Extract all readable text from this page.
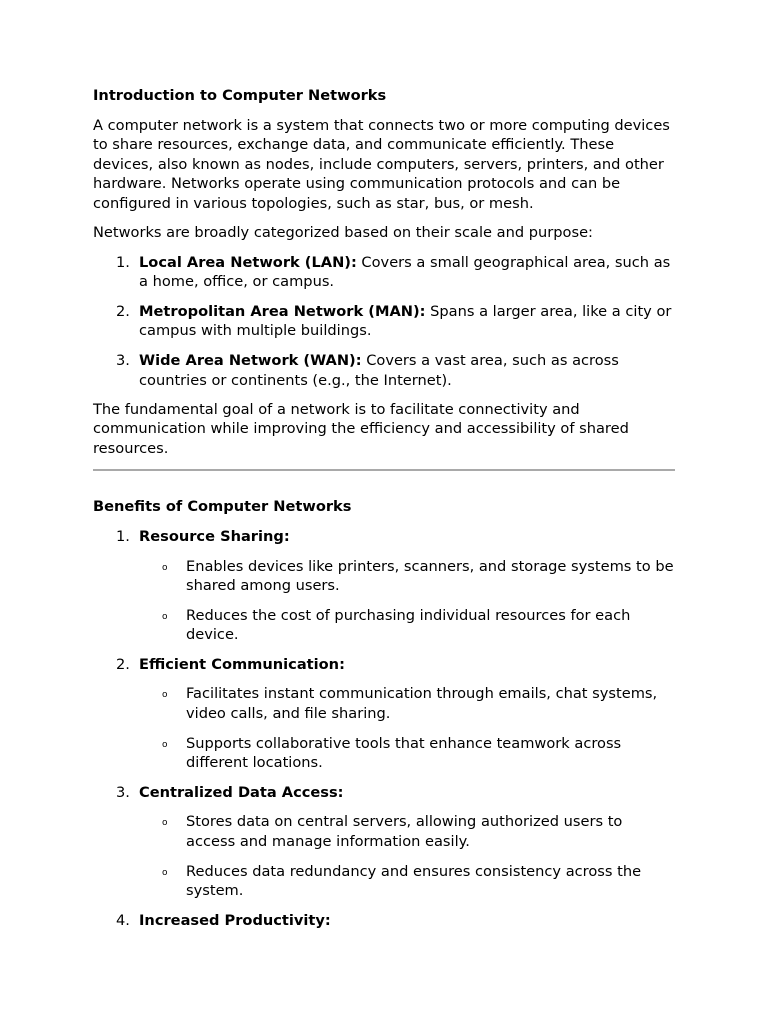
Introduction to Computer Networks

A computer network is a system that connects two or more computing devices to share resources, exchange data, and communicate efficiently. These devices, also known as nodes, include computers, servers, printers, and other hardware. Networks operate using communication protocols and can be configured in various topologies, such as star, bus, or mesh.

Networks are broadly categorized based on their scale and purpose:

1. Local Area Network (LAN): Covers a small geographical area, such as a home, office, or campus.
2. Metropolitan Area Network (MAN): Spans a larger area, like a city or campus with multiple buildings.
3. Wide Area Network (WAN): Covers a vast area, such as across countries or continents (e.g., the Internet).

The fundamental goal of a network is to facilitate connectivity and communication while improving the efficiency and accessibility of shared resources.

Benefits of Computer Networks
1. Resource Sharing:
o Enables devices like printers, scanners, and storage systems to be shared among users.
o Reduces the cost of purchasing individual resources for each device.
2. Efficient Communication:
o Facilitates instant communication through emails, chat systems, video calls, and file sharing.
o Supports collaborative tools that enhance teamwork across different locations.
3. Centralized Data Access:
o Stores data on central servers, allowing authorized users to access and manage information easily.
o Reduces data redundancy and ensures consistency across the system.
4. Increased Productivity:
